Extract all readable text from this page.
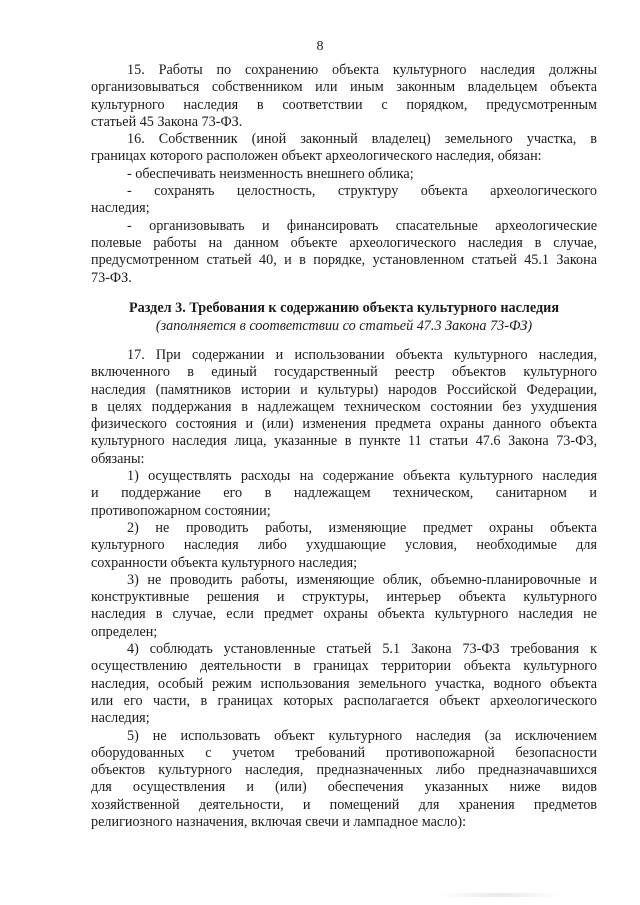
8

15. Работы по сохранению объекта культурного наследия должны

организовываться собственником или иным законным владельцем объекта

культурного наследия в соответствии с порядком, предусмотренным

статьей 45 Закона 73-ФЗ.

16. Собственник (иной законный владелец) земельного участка, в

границах которого расположен объект археологического наследия, обязан:

- обеспечивать неизменность внешнего облика;

- сохранять целостность, структуру объекта археологического

наследия;

- организовывать и финансировать спасательные археологические

полевые работы на данном объекте археологического наследия в случае,

предусмотренном статьей 40, и в порядке, установленном статьей 45.1 Закона

73-ФЗ.

Раздел 3. Требования к содержанию объекта культурного наследия
(заполняется в соответствии со статьей 47.3 Закона 73-ФЗ)

17. При содержании и использовании объекта культурного наследия,

включенного в единый государственный реестр объектов культурного

наследия (памятников истории и культуры) народов Российской Федерации,

в целях поддержания в надлежащем техническом состоянии без ухудшения

физического состояния и (или) изменения предмета охраны данного объекта

культурного наследия лица, указанные в пункте 11 статьи 47.6 Закона 73-ФЗ,

обязаны:

1) осуществлять расходы на содержание объекта культурного наследия

и поддержание его в надлежащем техническом, санитарном и

противопожарном состоянии;

2) не проводить работы, изменяющие предмет охраны объекта

культурного наследия либо ухудшающие условия, необходимые для

сохранности объекта культурного наследия;

3) не проводить работы, изменяющие облик, объемно-планировочные и

конструктивные решения и структуры, интерьер объекта культурного

наследия в случае, если предмет охраны объекта культурного наследия не

определен;

4) соблюдать установленные статьей 5.1 Закона 73-ФЗ требования к

осуществлению деятельности в границах территории объекта культурного

наследия, особый режим использования земельного участка, водного объекта

или его части, в границах которых располагается объект археологического

наследия;

5) не использовать объект культурного наследия (за исключением

оборудованных с учетом требований противопожарной безопасности

объектов культурного наследия, предназначенных либо предназначавшихся

для осуществления и (или) обеспечения указанных ниже видов

хозяйственной деятельности, и помещений для хранения предметов

религиозного назначения, включая свечи и лампадное масло):
